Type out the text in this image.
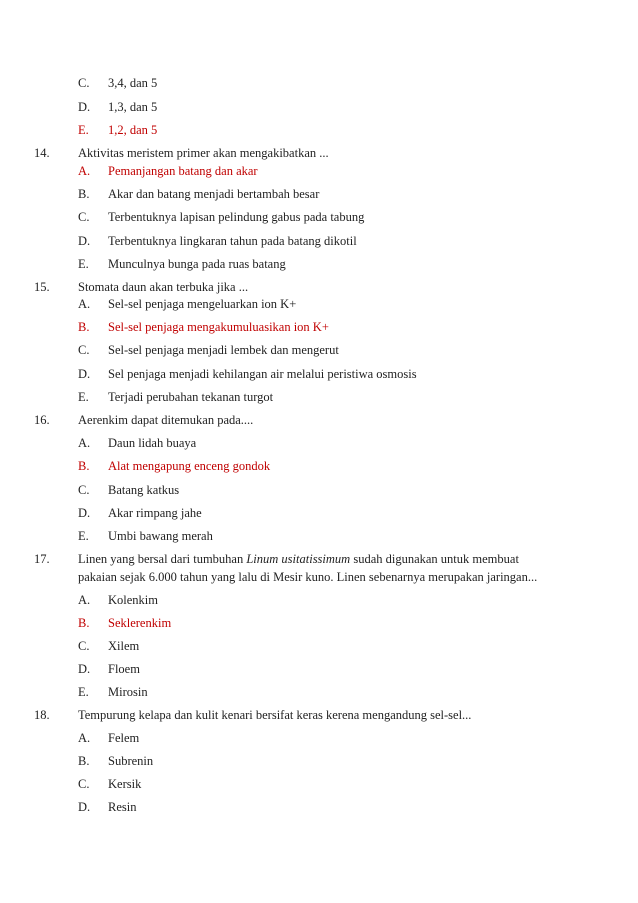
C. 3,4, dan 5
D. 1,3, dan 5
E. 1,2, dan 5
14. Aktivitas meristem primer akan mengakibatkan ...
A. Pemanjangan batang dan akar
B. Akar dan batang menjadi bertambah besar
C. Terbentuknya lapisan pelindung gabus pada tabung
D. Terbentuknya lingkaran tahun pada batang dikotil
E. Munculnya bunga pada ruas batang
15. Stomata daun akan terbuka jika ...
A. Sel-sel penjaga mengeluarkan ion K+
B. Sel-sel penjaga mengakumuluasikan ion K+
C. Sel-sel penjaga menjadi lembek dan mengerut
D. Sel penjaga menjadi kehilangan air melalui peristiwa osmosis
E. Terjadi perubahan tekanan turgot
16. Aerenkim dapat ditemukan pada....
A. Daun lidah buaya
B. Alat mengapung enceng gondok
C. Batang katkus
D. Akar rimpang jahe
E. Umbi bawang merah
17. Linen yang bersal dari tumbuhan Linum usitatissimum sudah digunakan untuk membuat
pakaian sejak 6.000 tahun yang lalu di Mesir kuno. Linen sebenarnya merupakan jaringan...
A. Kolenkim
B. Seklerenkim
C. Xilem
D. Floem
E. Mirosin
18. Tempurung kelapa dan kulit kenari bersifat keras kerena mengandung sel-sel...
A. Felem
B. Subrenin
C. Kersik
D. Resin
